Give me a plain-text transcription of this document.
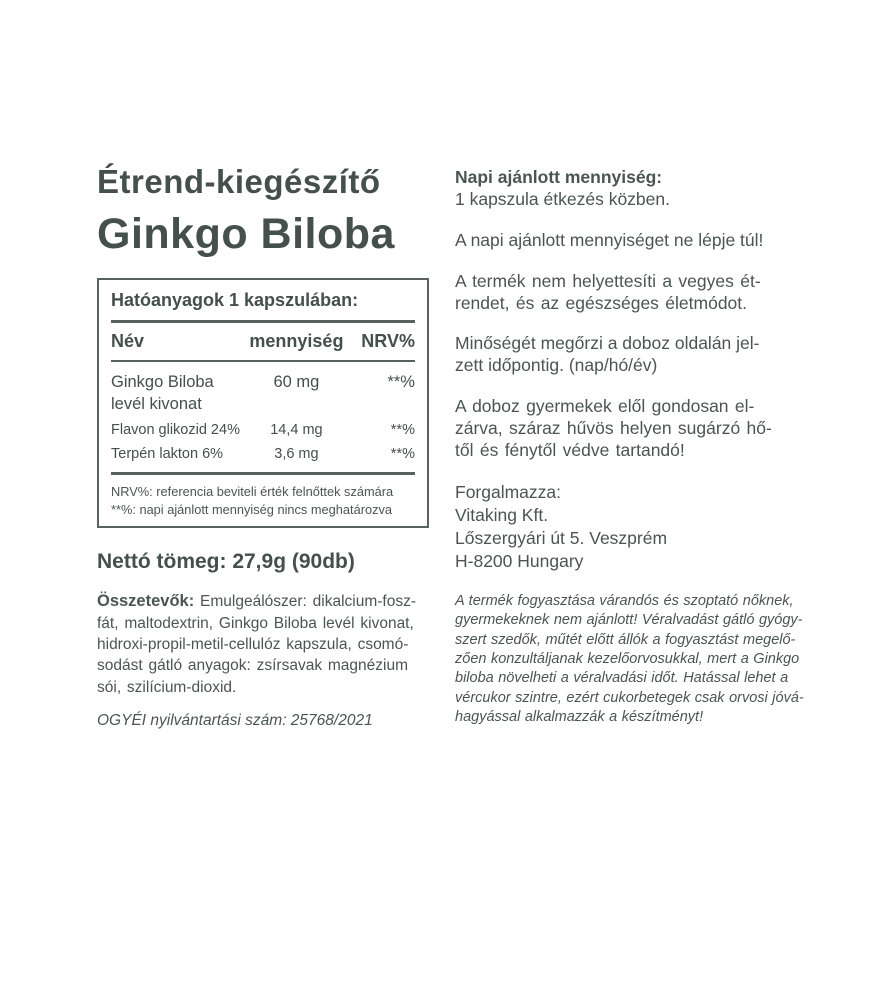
Étrend-kiegészítő
Ginkgo Biloba
Hatóanyagok 1 kapszulában:
Név	mennyiség NRV%
Ginkgo Biloba levél kivonat
60 mg	**%
Flavon glikozid 24%	14,4 mg	**%
Terpén lakton 6%	3,6 mg	**%
NRV%: referencia beviteli érték felnőttek számára
**%: napi ajánlott mennyiség nincs meghatározva
Nettó tömeg: 27,9g (90db)
Összetevők: Emulgeálószer: dikalcium-fosz-
fát, maltodextrin, Ginkgo Biloba levél kivonat,
hidroxi-propil-metil-cellulóz kapszula, csomó-
sodást gátló anyagok: zsírsavak magnézium
sói, szilícium-dioxid.
OGYÉI nyilvántartási szám: 25768/2021
Napi ajánlott mennyiség:
1 kapszula étkezés közben.
A napi ajánlott mennyiséget ne lépje túl!
A termék nem helyettesíti a vegyes ét-
rendet, és az egészséges életmódot.
Minőségét megőrzi a doboz oldalán jel-
zett időpontig. (nap/hó/év)
A doboz gyermekek elől gondosan el-
zárva, száraz hűvös helyen sugárzó hő-
től és fénytől védve tartandó!
Forgalmazza:
Vitaking Kft.
Lőszergyári út 5. Veszprém
H-8200 Hungary
A termék fogyasztása várandós és szoptató nőknek,
gyermekeknek nem ajánlott! Véralvadást gátló gyógy-
szert szedők, műtét előtt állók a fogyasztást megelő-
zően konzultáljanak kezelőorvosukkal, mert a Ginkgo
biloba növelheti a véralvadási időt. Hatással lehet a
vércukor szintre, ezért cukorbetegek csak orvosi jóvá-
hagyással alkalmazzák a készítményt!
